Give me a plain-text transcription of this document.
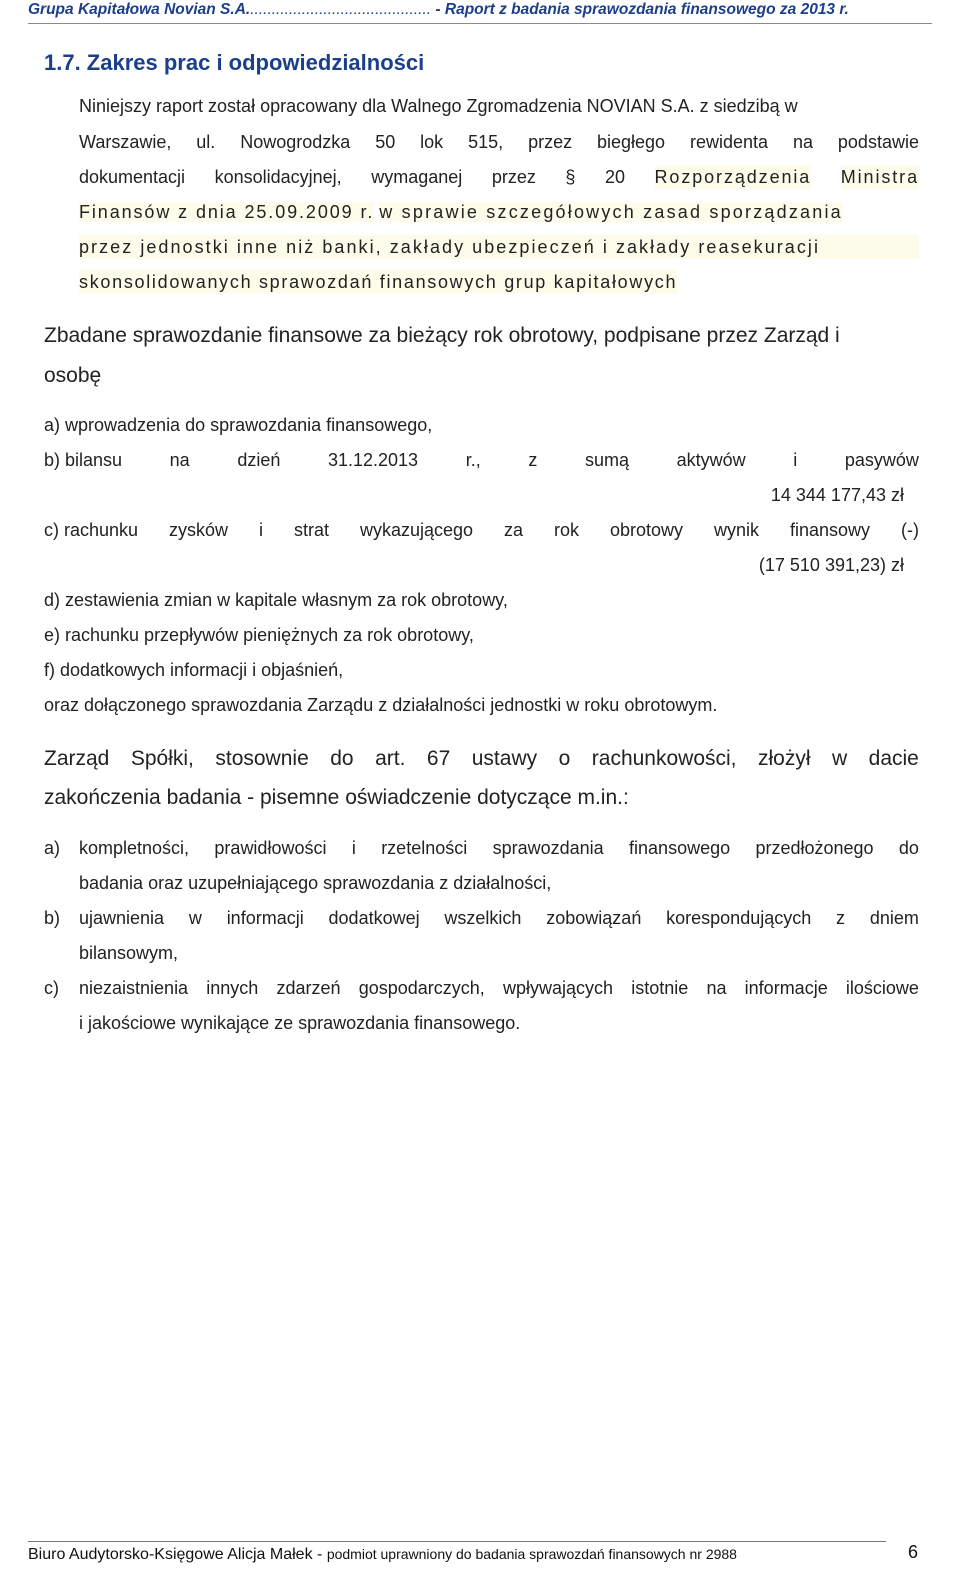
Grupa Kapitałowa Novian S.A........................................... - Raport z badania sprawozdania finansowego za 2013 r.
1.7. Zakres prac i odpowiedzialności
Niniejszy raport został opracowany dla Walnego Zgromadzenia NOVIAN S.A. z siedzibą w
Warszawie, ul. Nowogrodzka 50 lok 515, przez biegłego rewidenta na podstawie
dokumentacji konsolidacyjnej, wymaganej przez § 20 Rozporządzenia Ministra
Finansów z dnia 25.09.2009 r. w sprawie szczegółowych zasad sporządzania
przez jednostki inne niż banki, zakłady ubezpieczeń i zakłady reasekuracji
skonsolidowanych sprawozdań finansowych grup kapitałowych
Zbadane sprawozdanie finansowe za bieżący rok obrotowy, podpisane przez Zarząd i
osobę
a) wprowadzenia do sprawozdania finansowego,
b) bilansu	na	dzień	31.12.2013	r.,	z	sumą	aktywów	i	pasywów
14 344 177,43 zł
c) rachunku zysków i strat wykazującego za rok obrotowy wynik finansowy (-)
(17 510 391,23) zł
d) zestawienia zmian w kapitale własnym za rok obrotowy,
e) rachunku przepływów pieniężnych za rok obrotowy,
f) dodatkowych informacji i objaśnień,
oraz dołączonego sprawozdania Zarządu z działalności jednostki w roku obrotowym.
Zarząd Spółki, stosownie do art. 67 ustawy o rachunkowości, złożył w dacie
zakończenia badania - pisemne oświadczenie dotyczące m.in.:
a) kompletności, prawidłowości i rzetelności sprawozdania finansowego przedłożonego do
badania oraz uzupełniającego sprawozdania z działalności,
b) ujawnienia w informacji dodatkowej wszelkich zobowiązań korespondujących z dniem
bilansowym,
c) niezaistnienia innych zdarzeń gospodarczych, wpływających istotnie na informacje ilościowe
i jakościowe wynikające ze sprawozdania finansowego.
Biuro Audytorsko-Księgowe Alicja Małek - podmiot uprawniony do badania sprawozdań finansowych nr 2988	6
